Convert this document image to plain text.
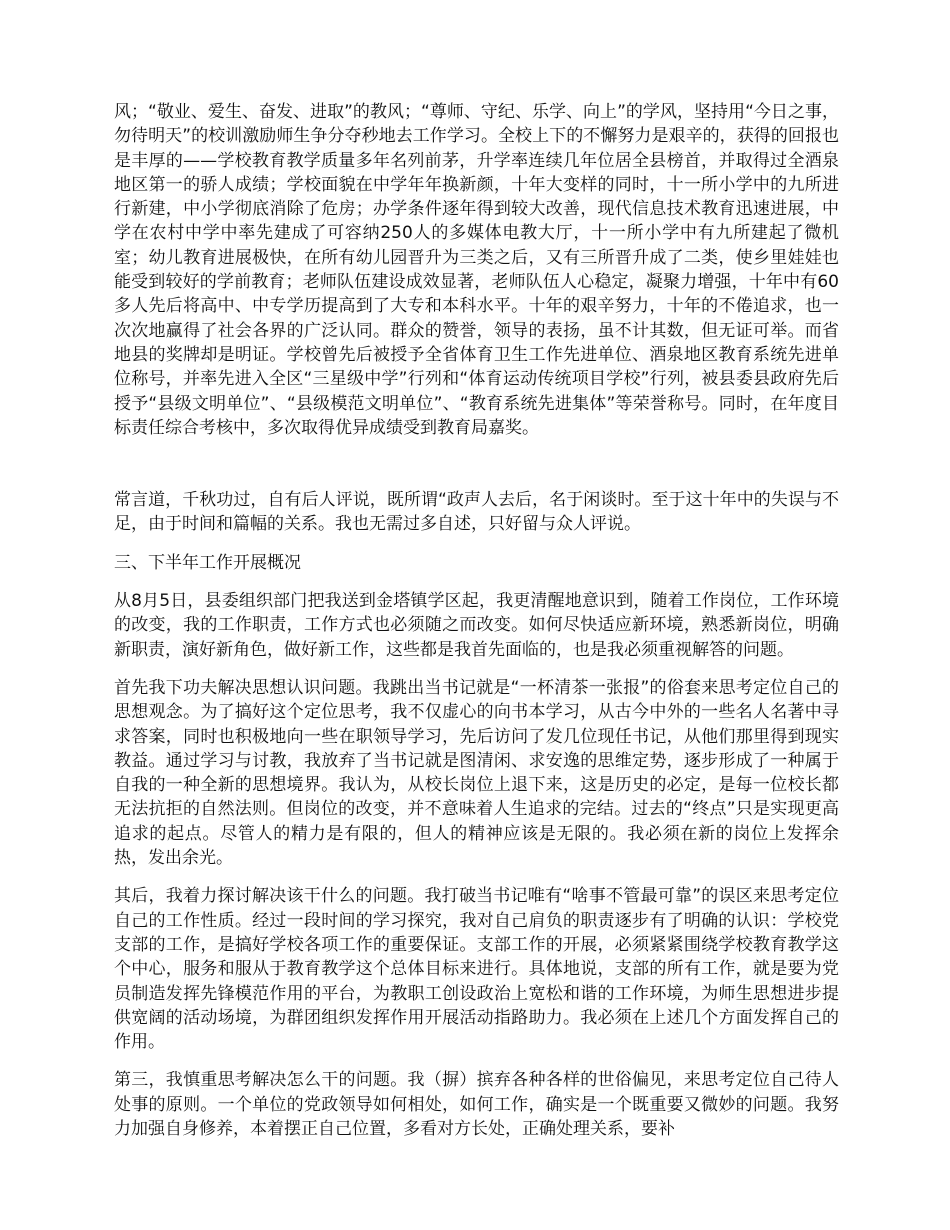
风；“敬业、爱生、奋发、进取”的教风；“尊师、守纪、乐学、向上”的学风，坚持用“今日之事，勿待明天”的校训激励师生争分夺秒地去工作学习。全校上下的不懈努力是艰辛的，获得的回报也是丰厚的——学校教育教学质量多年名列前茅，升学率连续几年位居全县榜首，并取得过全酒泉地区第一的骄人成绩；学校面貌在中学年年换新颜，十年大变样的同时，十一所小学中的九所进行新建，中小学彻底消除了危房；办学条件逐年得到较大改善，现代信息技术教育迅速进展，中学在农村中学中率先建成了可容纳250人的多媒体电教大厅，十一所小学中有九所建起了微机室；幼儿教育进展极快，在所有幼儿园晋升为三类之后，又有三所晋升成了二类，使乡里娃娃也能受到较好的学前教育；老师队伍建设成效显著，老师队伍人心稳定，凝聚力增强，十年中有60多人先后将高中、中专学历提高到了大专和本科水平。十年的艰辛努力，十年的不倦追求，也一次次地赢得了社会各界的广泛认同。群众的赞誉，领导的表扬，虽不计其数，但无证可举。而省地县的奖牌却是明证。学校曾先后被授予全省体育卫生工作先进单位、酒泉地区教育系统先进单位称号，并率先进入全区“三星级中学”行列和“体育运动传统项目学校”行列，被县委县政府先后授予“县级文明单位”、“县级模范文明单位”、“教育系统先进集体”等荣誉称号。同时，在年度目标责任综合考核中，多次取得优异成绩受到教育局嘉奖。

常言道，千秋功过，自有后人评说，既所谓“政声人去后，名于闲谈时。至于这十年中的失误与不足，由于时间和篇幅的关系。我也无需过多自述，只好留与众人评说。

三、下半年工作开展概况

从8月5日，县委组织部门把我送到金塔镇学区起，我更清醒地意识到，随着工作岗位，工作环境的改变，我的工作职责，工作方式也必须随之而改变。如何尽快适应新环境，熟悉新岗位，明确新职责，演好新角色，做好新工作，这些都是我首先面临的，也是我必须重视解答的问题。

首先我下功夫解决思想认识问题。我跳出当书记就是“一杯清茶一张报”的俗套来思考定位自己的思想观念。为了搞好这个定位思考，我不仅虚心的向书本学习，从古今中外的一些名人名著中寻求答案，同时也积极地向一些在职领导学习，先后访问了发几位现任书记，从他们那里得到现实教益。通过学习与讨教，我放弃了当书记就是图清闲、求安逸的思维定势，逐步形成了一种属于自我的一种全新的思想境界。我认为，从校长岗位上退下来，这是历史的必定，是每一位校长都无法抗拒的自然法则。但岗位的改变，并不意味着人生追求的完结。过去的“终点”只是实现更高追求的起点。尽管人的精力是有限的，但人的精神应该是无限的。我必须在新的岗位上发挥余热，发出余光。

其后，我着力探讨解决该干什么的问题。我打破当书记唯有“啥事不管最可靠”的误区来思考定位自己的工作性质。经过一段时间的学习探究，我对自己肩负的职责逐步有了明确的认识：学校党支部的工作，是搞好学校各项工作的重要保证。支部工作的开展，必须紧紧围绕学校教育教学这个中心，服务和服从于教育教学这个总体目标来进行。具体地说，支部的所有工作，就是要为党员制造发挥先锋模范作用的平台，为教职工创设政治上宽松和谐的工作环境，为师生思想进步提供宽阔的活动场境，为群团组织发挥作用开展活动指路助力。我必须在上述几个方面发挥自己的作用。

第三，我慎重思考解决怎么干的问题。我（摒）摈弃各种各样的世俗偏见，来思考定位自己待人处事的原则。一个单位的党政领导如何相处，如何工作，确实是一个既重要又微妙的问题。我努力加强自身修养，本着摆正自己位置，多看对方长处，正确处理关系，要补
